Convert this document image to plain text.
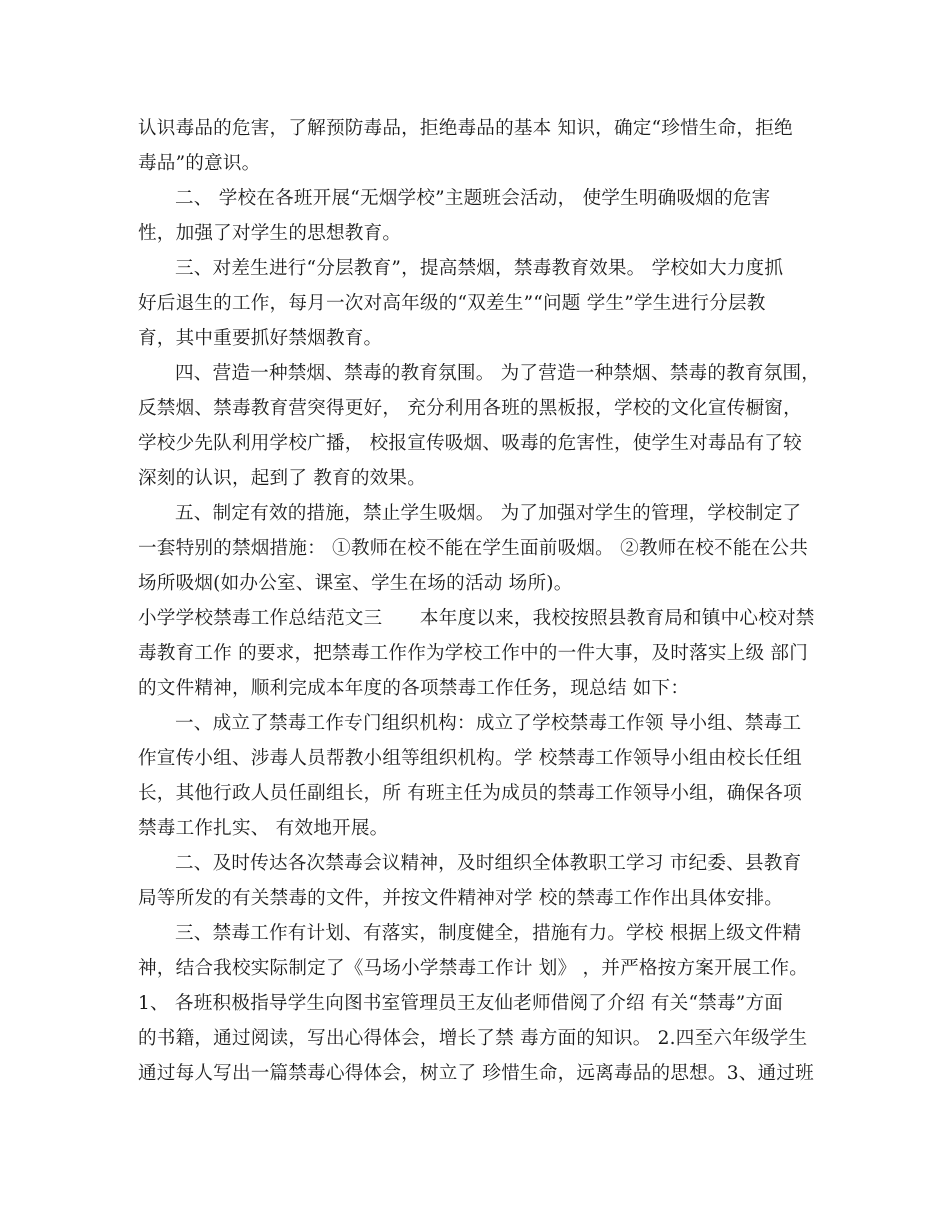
认识毒品的危害，了解预防毒品，拒绝毒品的基本 知识，确定“珍惜生命，拒绝
毒品”的意识。
二、 学校在各班开展“无烟学校”主题班会活动， 使学生明确吸烟的危害
性，加强了对学生的思想教育。
三、对差生进行“分层教育”，提高禁烟，禁毒教育效果。 学校如大力度抓
好后退生的工作，每月一次对高年级的“双差生”“问题 学生”学生进行分层教
育，其中重要抓好禁烟教育。
四、营造一种禁烟、禁毒的教育氛围。 为了营造一种禁烟、禁毒的教育氛围，
反禁烟、禁毒教育营突得更好， 充分利用各班的黑板报，学校的文化宣传橱窗，
学校少先队利用学校广播， 校报宣传吸烟、吸毒的危害性，使学生对毒品有了较
深刻的认识，起到了 教育的效果。
五、制定有效的措施，禁止学生吸烟。 为了加强对学生的管理，学校制定了
一套特别的禁烟措施： ①教师在校不能在学生面前吸烟。 ②教师在校不能在公共
场所吸烟(如办公室、课室、学生在场的活动 场所)。
小学学校禁毒工作总结范文三　　本年度以来，我校按照县教育局和镇中心校对禁
毒教育工作 的要求，把禁毒工作作为学校工作中的一件大事，及时落实上级 部门
的文件精神，顺利完成本年度的各项禁毒工作任务，现总结 如下：
一、成立了禁毒工作专门组织机构：成立了学校禁毒工作领 导小组、禁毒工
作宣传小组、涉毒人员帮教小组等组织机构。学 校禁毒工作领导小组由校长任组
长，其他行政人员任副组长，所 有班主任为成员的禁毒工作领导小组，确保各项
禁毒工作扎实、 有效地开展。
二、及时传达各次禁毒会议精神，及时组织全体教职工学习 市纪委、县教育
局等所发的有关禁毒的文件，并按文件精神对学 校的禁毒工作作出具体安排。
三、禁毒工作有计划、有落实，制度健全，措施有力。学校 根据上级文件精
神，结合我校实际制定了《马场小学禁毒工作计 划》 ，并严格按方案开展工作。
1、 各班积极指导学生向图书室管理员王友仙老师借阅了介绍 有关“禁毒”方面
的书籍，通过阅读，写出心得体会，增长了禁 毒方面的知识。 2.四至六年级学生
通过每人写出一篇禁毒心得体会，树立了 珍惜生命，远离毒品的思想。3、通过班
